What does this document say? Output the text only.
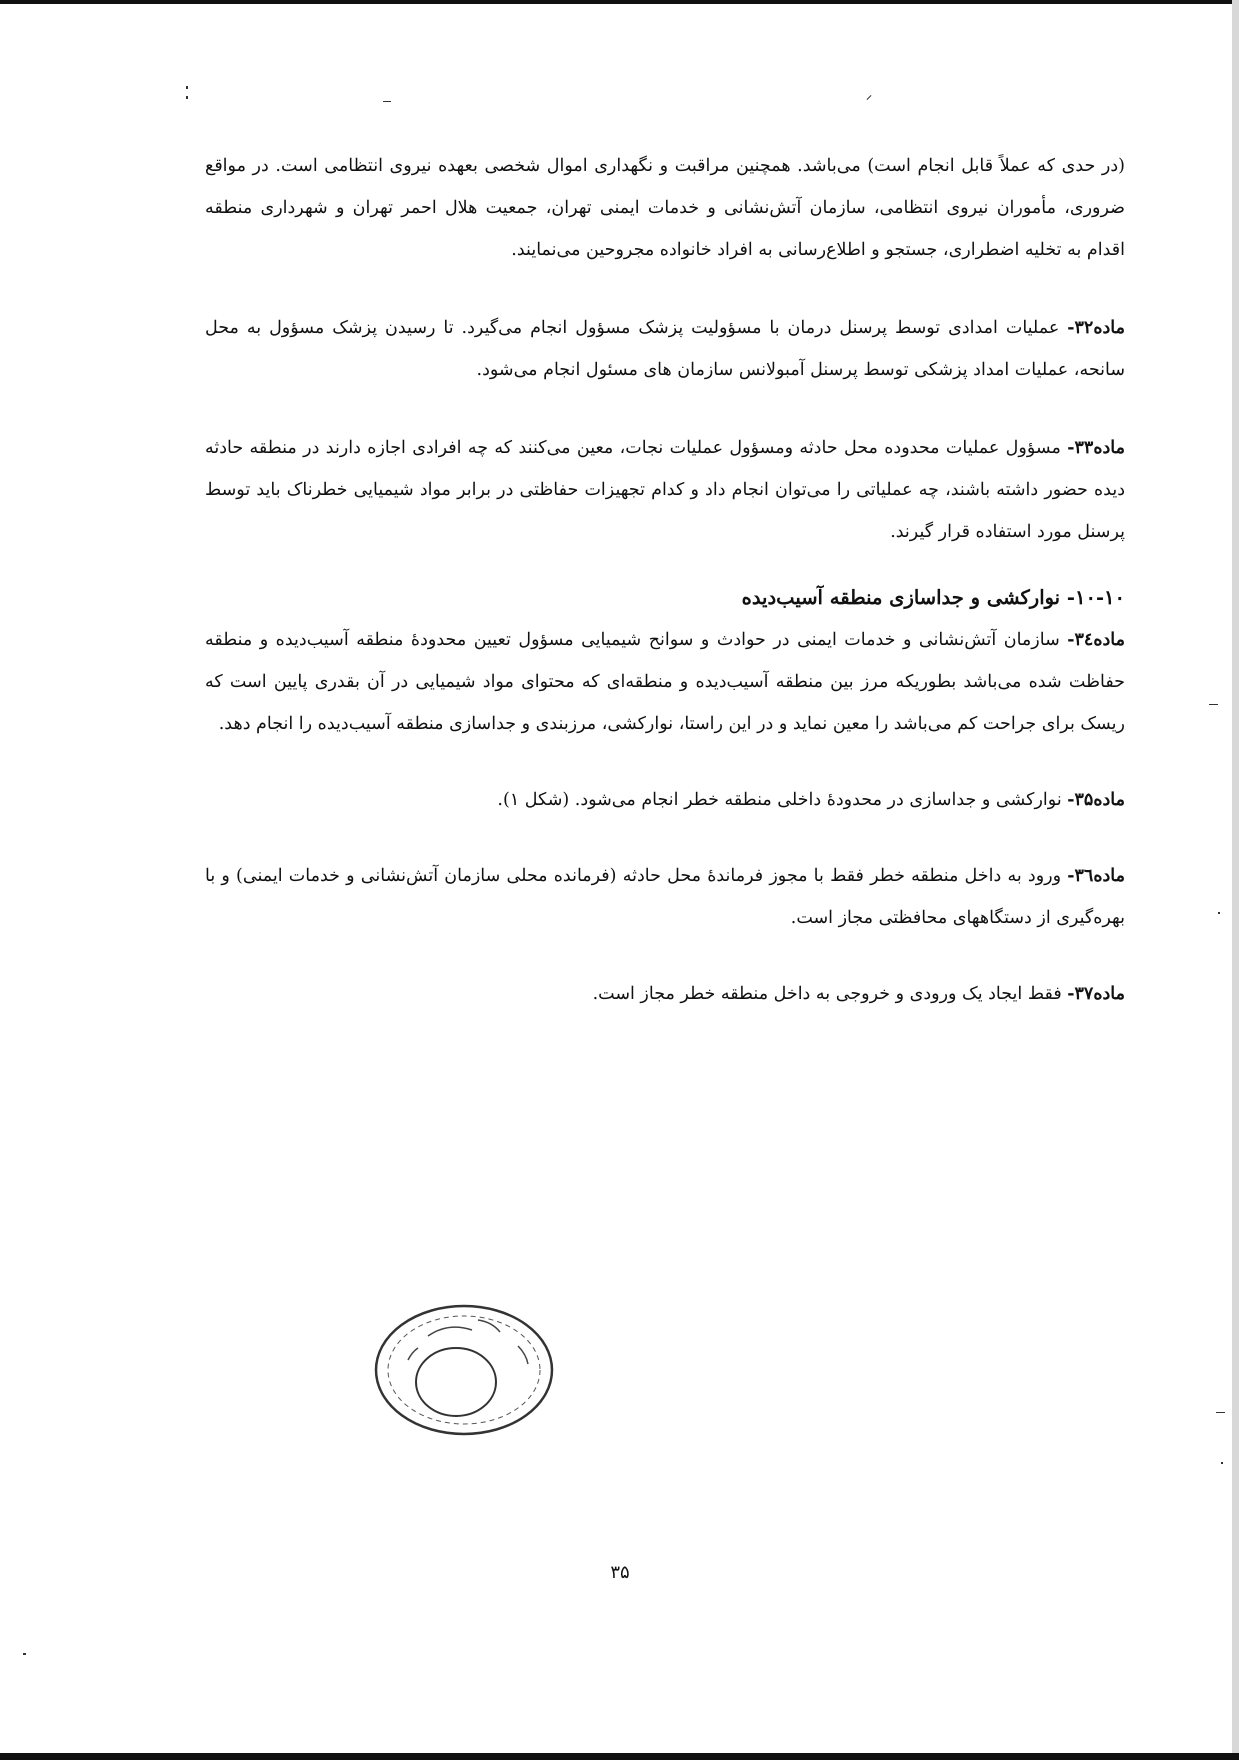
(در حدی که عملاً قابل انجام است) می‌باشد. همچنین مراقبت و نگهداری اموال شخصی بعهده نیروی انتظامی است. در مواقع ضروری، مأموران نیروی انتظامی، سازمان آتش‌نشانی و خدمات ایمنی تهران، جمعیت هلال احمر تهران و شهرداری منطقه اقدام به تخلیه اضطراری، جستجو و اطلاع‌رسانی به افراد خانواده مجروحین می‌نمایند.

ماده۳۲- عملیات امدادی توسط پرسنل درمان با مسؤولیت پزشک مسؤول انجام می‌گیرد. تا رسیدن پزشک مسؤول به محل سانحه، عملیات امداد پزشکی توسط پرسنل آمبولانس سازمان های مسئول انجام می‌شود.

ماده۳۳- مسؤول عملیات محدوده محل حادثه ومسؤول عملیات نجات، معین می‌کنند که چه افرادی اجازه دارند در منطقه حادثه دیده حضور داشته باشند، چه عملیاتی را می‌توان انجام داد و کدام تجهیزات حفاظتی در برابر مواد شیمیایی خطرناک باید توسط پرسنل مورد استفاده قرار گیرند.

۱۰-۱۰- نوارکشی و جداسازی منطقه آسیب‌دیده

ماده۳٤- سازمان آتش‌نشانی و خدمات ایمنی در حوادث و سوانح شیمیایی مسؤول تعیین محدودهٔ منطقه آسیب‌دیده و منطقه حفاظت شده می‌باشد بطوریکه مرز بین منطقه آسیب‌دیده و منطقه‌ای که محتوای مواد شیمیایی در آن بقدری پایین است که ریسک برای جراحت کم می‌باشد را معین نماید و در این راستا، نوارکشی، مرزبندی و جداسازی منطقه آسیب‌دیده را انجام دهد.

ماده۳۵- نوارکشی و جداسازی در محدودهٔ داخلی منطقه خطر انجام می‌شود. (شکل ۱).

ماده۳٦- ورود به داخل منطقه خطر فقط با مجوز فرماندهٔ محل حادثه (فرمانده محلی سازمان آتش‌نشانی و خدمات ایمنی) و با بهره‌گیری از دستگاههای محافظتی مجاز است.

ماده۳۷- فقط ایجاد یک ورودی و خروجی به داخل منطقه خطر مجاز است.

۳۵
